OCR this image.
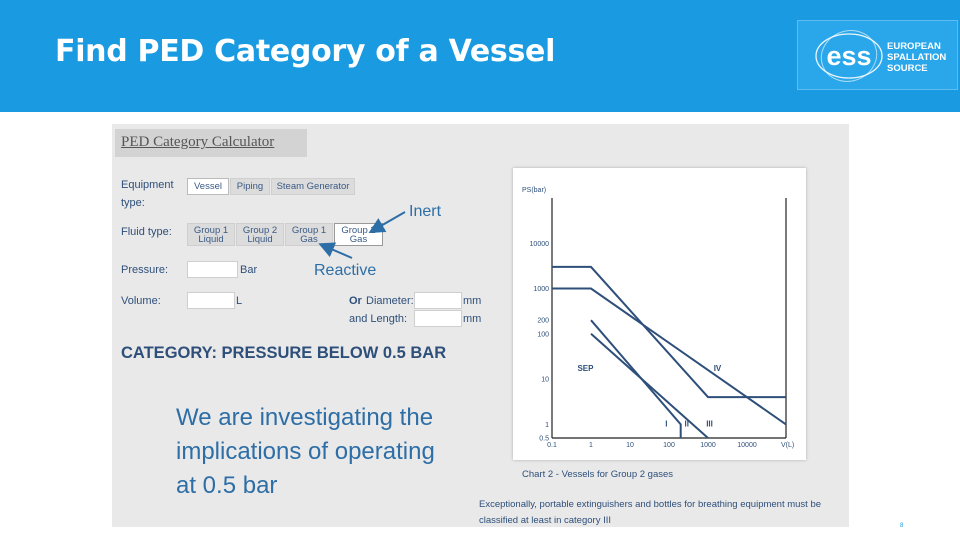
Find PED Category of a Vessel	ess EUROPEAN
SPALLATION
SOURCE
PED Category Calculator
Equipment
type:
Vessel	Piping	Steam Generator
Fluid type:	Group 1
Liquid
Group 2
Liquid
Group 1
Gas
Group 2
Gas
Pressure:	Bar
Volume:	L	Or Diameter:	mm
and Length:	mm
CATEGORY: PRESSURE BELOW 0.5 BAR
Inert
Reactive
We are investigating the implications of operating at 0.5 bar
PS(bar)
10000
1000
200
100
10
1
0.5
0.1	1	10	100	1000	10000
SEP
I II III
IV
V(L)
Chart 2 - Vessels for Group 2 gases
Exceptionally, portable extinguishers and bottles for breathing equipment must be classified at least in category III	8
